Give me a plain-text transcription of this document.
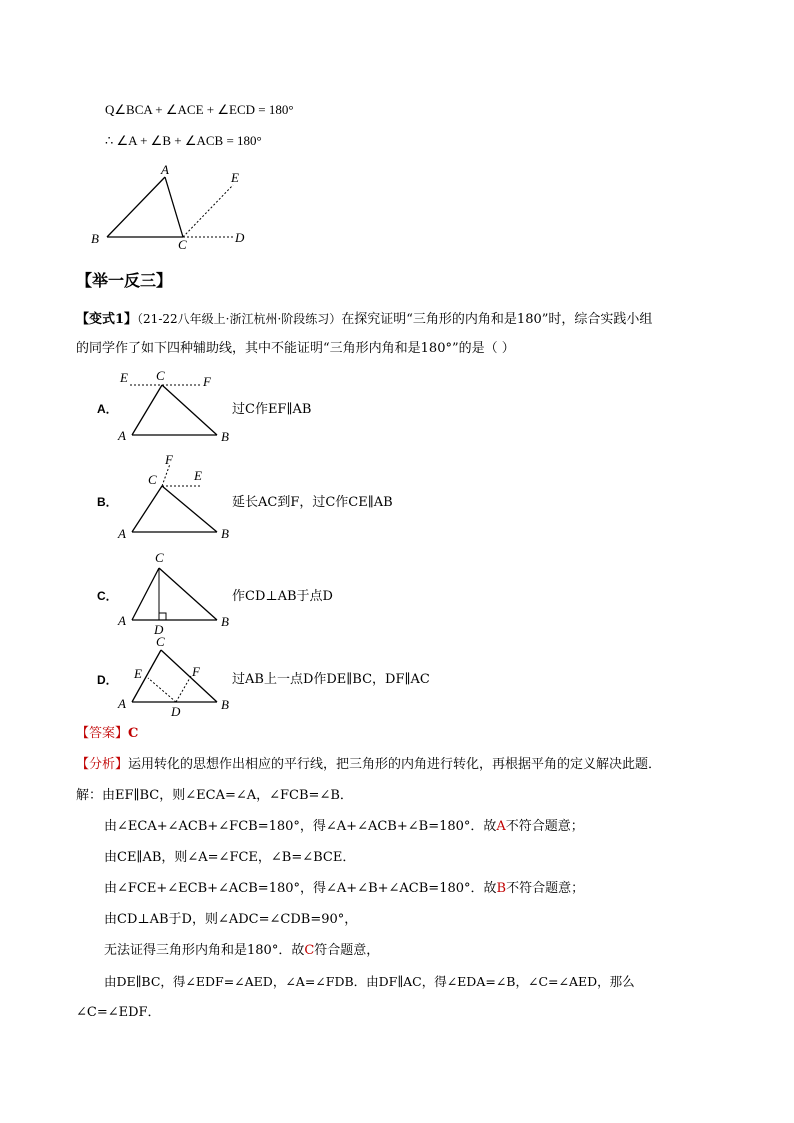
Q∠BCA + ∠ACE + ∠ECD = 180°
∴ ∠A + ∠B + ∠ACB = 180°
A
B	C	D
E
【举一反三】
【变式1】（21-22八年级上·浙江杭州·阶段练习）在探究证明“三角形的内角和是180”时，综合实践小组
的同学作了如下四种辅助线，其中不能证明“三角形内角和是180°”的是（ ）
A．
E C	F
A	B
过C作EF∥AB
B．
F
C	E
A	B
延长AC到F，过C作CE∥AB
C．
C
A
D
B
作CD⊥AB于点D
D．
C
E	F
A
D	B
过AB上一点D作DE∥BC，DF∥AC
【答案】C
【分析】运用转化的思想作出相应的平行线，把三角形的内角进行转化，再根据平角的定义解决此题．
解：由EF∥BC，则∠ECA=∠A，∠FCB=∠B．
由∠ECA+∠ACB+∠FCB=180°，得∠A+∠ACB+∠B=180°．故A不符合题意；
由CE∥AB，则∠A=∠FCE，∠B=∠BCE．
由∠FCE+∠ECB+∠ACB=180°，得∠A+∠B+∠ACB=180°．故B不符合题意；
由CD⊥AB于D，则∠ADC=∠CDB=90°，
无法证得三角形内角和是180°．故C符合题意，
由DE∥BC，得∠EDF=∠AED，∠A=∠FDB．由DF∥AC，得∠EDA=∠B，∠C=∠AED，那么
∠C=∠EDF．
